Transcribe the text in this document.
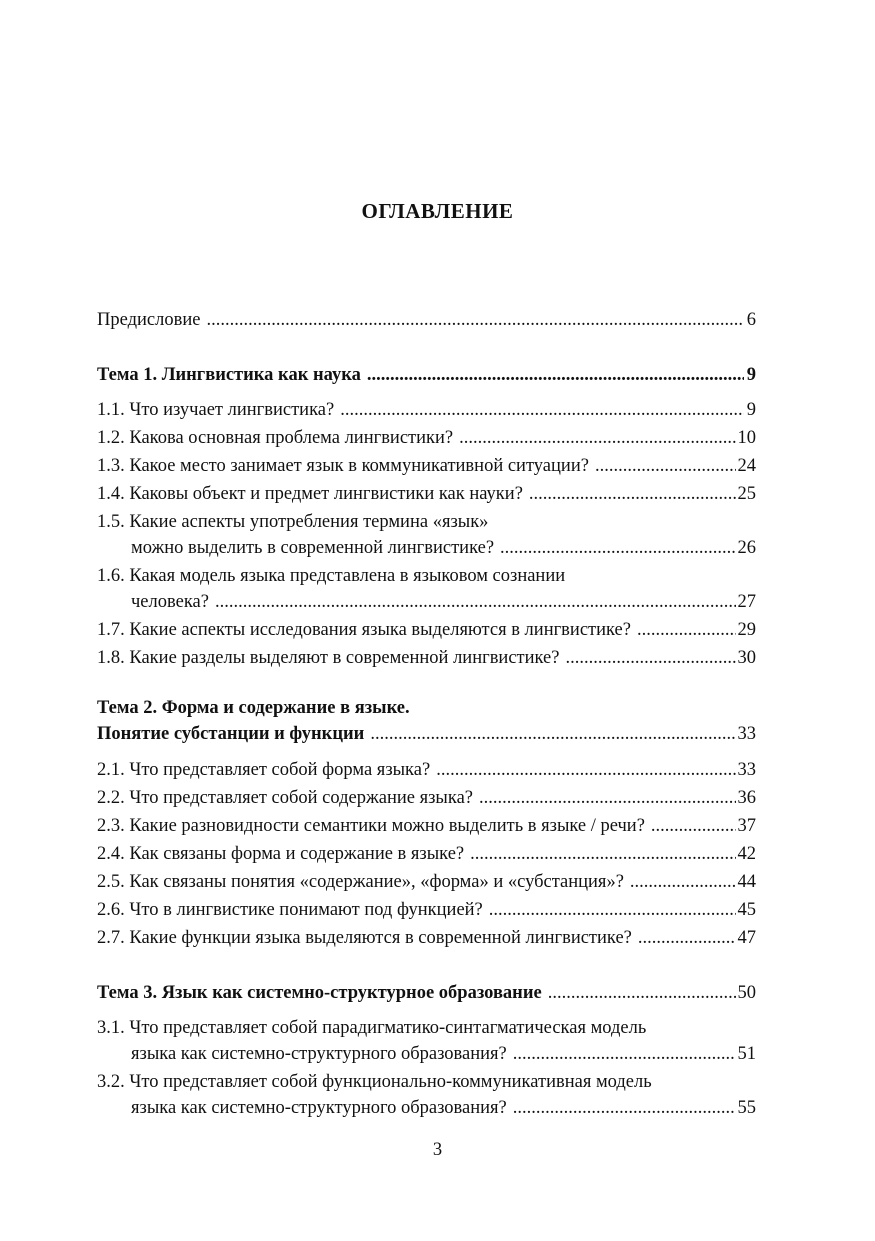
ОГЛАВЛЕНИЕ
Предисловие .....	6
Тема 1. Лингвистика как наука .....	9
1.1. Что изучает лингвистика? .....	9
1.2. Какова основная проблема лингвистики? .....	10
1.3. Какое место занимает язык в коммуникативной ситуации? .....	24
1.4. Каковы объект и предмет лингвистики как науки? .....	25
1.5. Какие аспекты употребления термина «язык»
можно выделить в современной лингвистике? .....	26
1.6. Какая модель языка представлена в языковом сознании
человека? .....	27
1.7. Какие аспекты исследования языка выделяются в лингвистике? .....	29
1.8. Какие разделы выделяют в современной лингвистике? .....	30
Тема 2. Форма и содержание в языке.
Понятие субстанции и функции .....	33
2.1. Что представляет собой форма языка? .....	33
2.2. Что представляет собой содержание языка? .....	36
2.3. Какие разновидности семантики можно выделить в языке / речи? .....	37
2.4. Как связаны форма и содержание в языке? .....	42
2.5. Как связаны понятия «содержание», «форма» и «субстанция»? .....	44
2.6. Что в лингвистике понимают под функцией? .....	45
2.7. Какие функции языка выделяются в современной лингвистике? .....	47
Тема 3. Язык как системно-структурное образование .....	50
3.1. Что представляет собой парадигматико-синтагматическая модель
языка как системно-структурного образования? .....	51
3.2. Что представляет собой функционально-коммуникативная модель
языка как системно-структурного образования? .....	55
3
